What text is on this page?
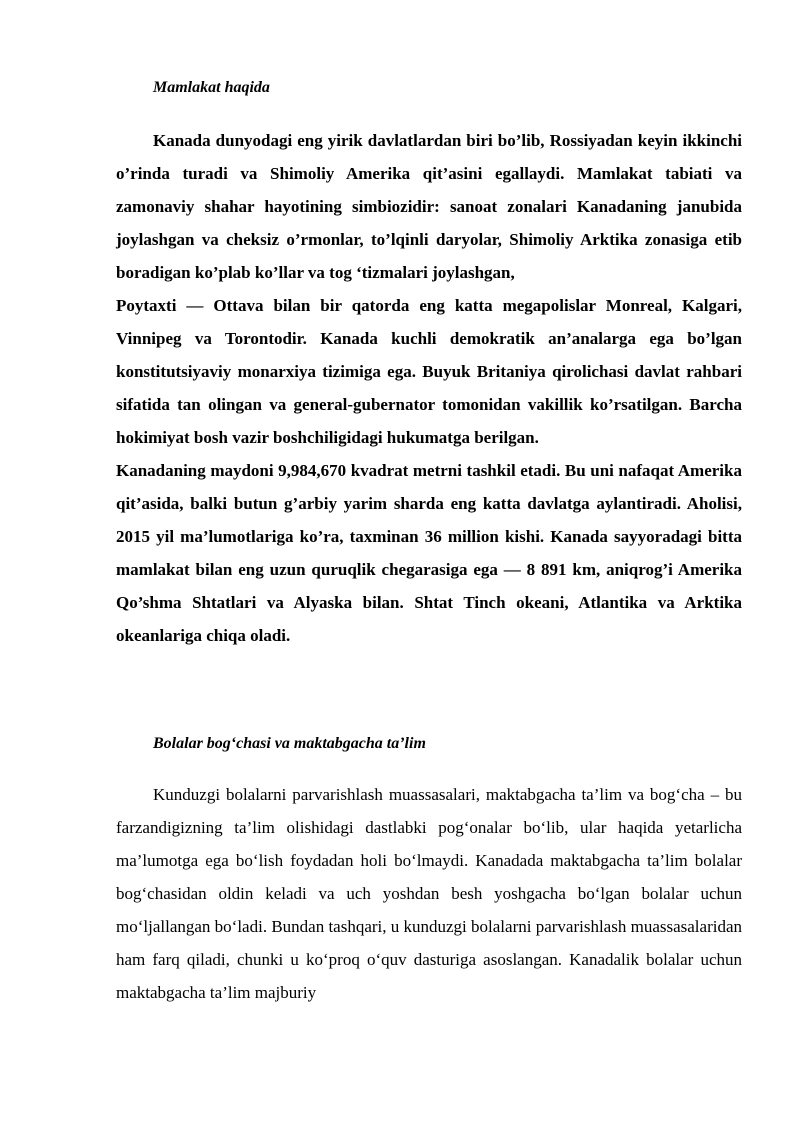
Mamlakat haqida

Kanada dunyodagi eng yirik davlatlardan biri bo’lib, Rossiyadan keyin ikkinchi o’rinda turadi va Shimoliy Amerika qit’asini egallaydi. Mamlakat tabiati va zamonaviy shahar hayotining simbiozidir: sanoat zonalari Kanadaning janubida joylashgan va cheksiz o’rmonlar, to’lqinli daryolar, Shimoliy Arktika zonasiga etib boradigan ko’plab ko’llar va tog ‘tizmalari joylashgan,

Poytaxti — Ottava bilan bir qatorda eng katta megapolislar Monreal, Kalgari, Vinnipeg va Torontodir. Kanada kuchli demokratik an’analarga ega bo’lgan konstitutsiyaviy monarxiya tizimiga ega. Buyuk Britaniya qirolichasi davlat rahbari sifatida tan olingan va general-gubernator tomonidan vakillik ko’rsatilgan. Barcha hokimiyat bosh vazir boshchiligidagi hukumatga berilgan.

Kanadaning maydoni 9,984,670 kvadrat metrni tashkil etadi. Bu uni nafaqat Amerika qit’asida, balki butun g’arbiy yarim sharda eng katta davlatga aylantiradi. Aholisi, 2015 yil ma’lumotlariga ko’ra, taxminan 36 million kishi. Kanada sayyoradagi bitta mamlakat bilan eng uzun quruqlik chegarasiga ega — 8 891 km, aniqrog’i Amerika Qo’shma Shtatlari va Alyaska bilan. Shtat Tinch okeani, Atlantika va Arktika okeanlariga chiqa oladi.

Bolalar bog‘chasi va maktabgacha ta’lim

Kunduzgi bolalarni parvarishlash muassasalari, maktabgacha ta’lim va bog‘cha – bu farzandigizning ta’lim olishidagi dastlabki pog‘onalar bo‘lib, ular haqida yetarlicha ma’lumotga ega bo‘lish foydadan holi bo‘lmaydi. Kanadada maktabgacha ta’lim bolalar bog‘chasidan oldin keladi va uch yoshdan besh yoshgacha bo‘lgan bolalar uchun mo‘ljallangan bo‘ladi. Bundan tashqari, u kunduzgi bolalarni parvarishlash muassasalaridan ham farq qiladi, chunki u ko‘proq o‘quv dasturiga asoslangan. Kanadalik bolalar uchun maktabgacha ta’lim majburiy
